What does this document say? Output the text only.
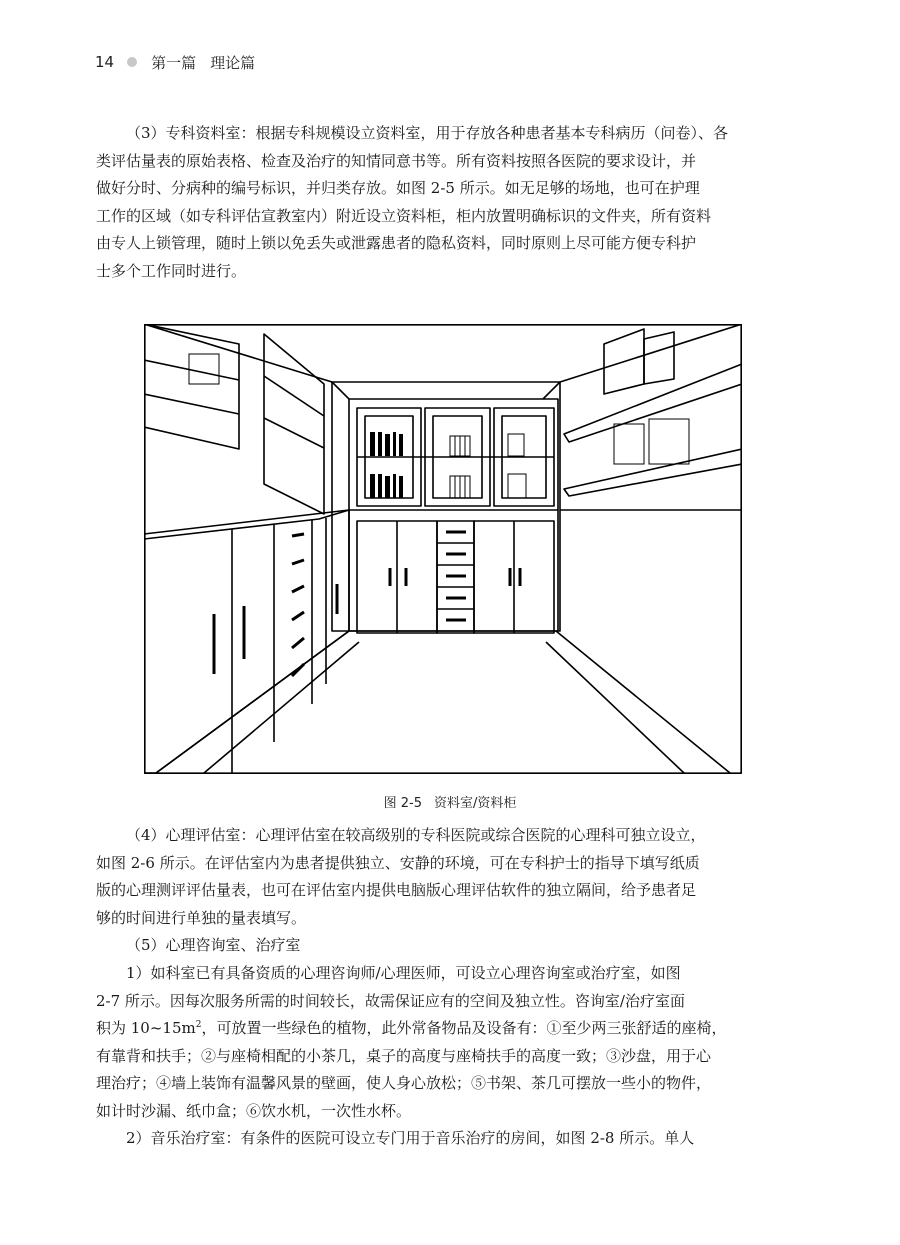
14 第一篇 理论篇
（3）专科资料室：根据专科规模设立资料室，用于存放各种患者基本专科病历（问卷）、各
类评估量表的原始表格、检查及治疗的知情同意书等。所有资料按照各医院的要求设计，并
做好分时、分病种的编号标识，并归类存放。如图 2-5 所示。如无足够的场地，也可在护理
工作的区域（如专科评估宣教室内）附近设立资料柜，柜内放置明确标识的文件夹，所有资料
由专人上锁管理，随时上锁以免丢失或泄露患者的隐私资料，同时原则上尽可能方便专科护
士多个工作同时进行。
图 2-5 资料室/资料柜
（4）心理评估室：心理评估室在较高级别的专科医院或综合医院的心理科可独立设立，
如图 2-6 所示。在评估室内为患者提供独立、安静的环境，可在专科护士的指导下填写纸质
版的心理测评评估量表，也可在评估室内提供电脑版心理评估软件的独立隔间，给予患者足
够的时间进行单独的量表填写。
（5）心理咨询室、治疗室
1）如科室已有具备资质的心理咨询师/心理医师，可设立心理咨询室或治疗室，如图
2-7 所示。因每次服务所需的时间较长，故需保证应有的空间及独立性。咨询室/治疗室面
积为 $10\sim 15m^2$，可放置一些绿色的植物，此外常备物品及设备有：①至少两三张舒适的座椅，
有靠背和扶手；②与座椅相配的小茶几，桌子的高度与座椅扶手的高度一致；③沙盘，用于心
理治疗；④墙上装饰有温馨风景的壁画，使人身心放松；⑤书架、茶几可摆放一些小的物件，
如计时沙漏、纸巾盒；⑥饮水机，一次性水杯。
2）音乐治疗室：有条件的医院可设立专门用于音乐治疗的房间，如图 2-8 所示。单人
